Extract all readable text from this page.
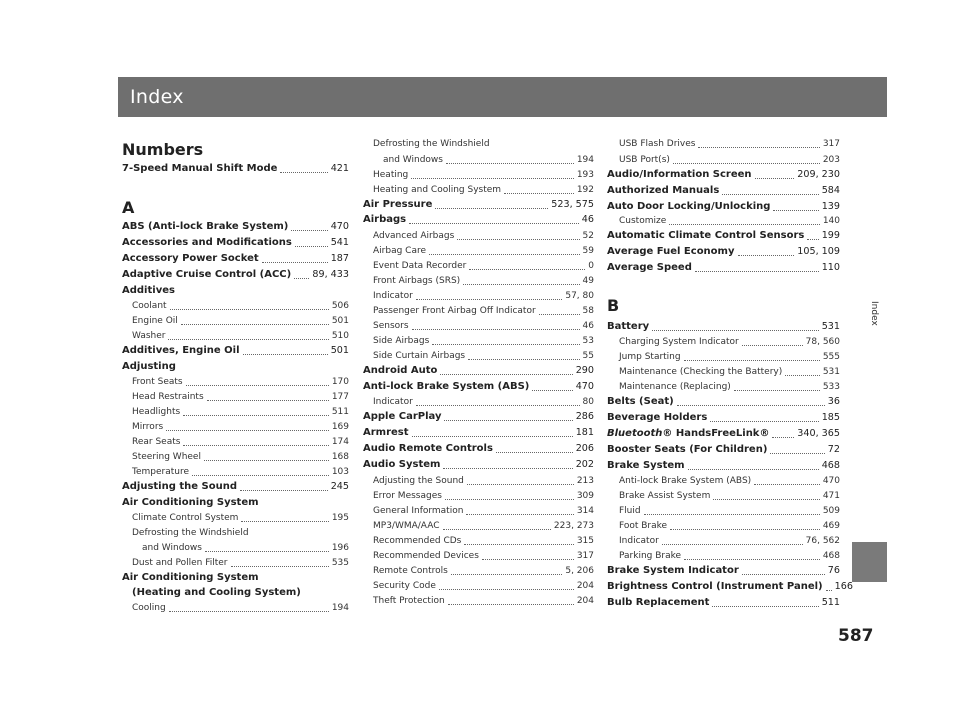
Index
Index
587
Numbers
7-Speed Manual Shift Mode	421
A
ABS (Anti-lock Brake System)	470
Accessories and Modifications	541
Accessory Power Socket	187
Adaptive Cruise Control (ACC) 89, 433
Additives
Coolant	506
Engine Oil	501
Washer	510
Additives, Engine Oil	501
Adjusting
Front Seats	170
Head Restraints	177
Headlights	511
Mirrors	169
Rear Seats	174
Steering Wheel	168
Temperature	103
Adjusting the Sound	245
Air Conditioning System
Climate Control System	195
Defrosting the Windshield
and Windows	196
Dust and Pollen Filter	535
Air Conditioning System
(Heating and Cooling System)
Cooling	194
Defrosting the Windshield
and Windows	194
Heating	193
Heating and Cooling System	192
Air Pressure	523, 575
Airbags	46
Advanced Airbags	52
Airbag Care	59
Event Data Recorder	0
Front Airbags (SRS)	49
Indicator	57, 80
Passenger Front Airbag Off Indicator	58
Sensors	46
Side Airbags	53
Side Curtain Airbags	55
Android Auto	290
Anti-lock Brake System (ABS)	470
Indicator	80
Apple CarPlay	286
Armrest	181
Audio Remote Controls	206
Audio System	202
Adjusting the Sound	213
Error Messages	309
General Information	314
MP3/WMA/AAC	223, 273
Recommended CDs	315
Recommended Devices	317
Remote Controls	5, 206
Security Code	204
Theft Protection	204
USB Flash Drives	317
USB Port(s)	203
Audio/Information Screen	209, 230
Authorized Manuals	584
Auto Door Locking/Unlocking	139
Customize	140
Automatic Climate Control Sensors 199
Average Fuel Economy	105, 109
Average Speed	110
B
Battery	531
Charging System Indicator	78, 560
Jump Starting	555
Maintenance (Checking the Battery)	531
Maintenance (Replacing)	533
Belts (Seat)	36
Beverage Holders	185
Bluetooth® HandsFreeLink®	340, 365
Booster Seats (For Children)	72
Brake System	468
Anti-lock Brake System (ABS)	470
Brake Assist System	471
Fluid	509
Foot Brake	469
Indicator	76, 562
Parking Brake	468
Brake System Indicator	76
Brightness Control (Instrument Panel) 166
Bulb Replacement	511
